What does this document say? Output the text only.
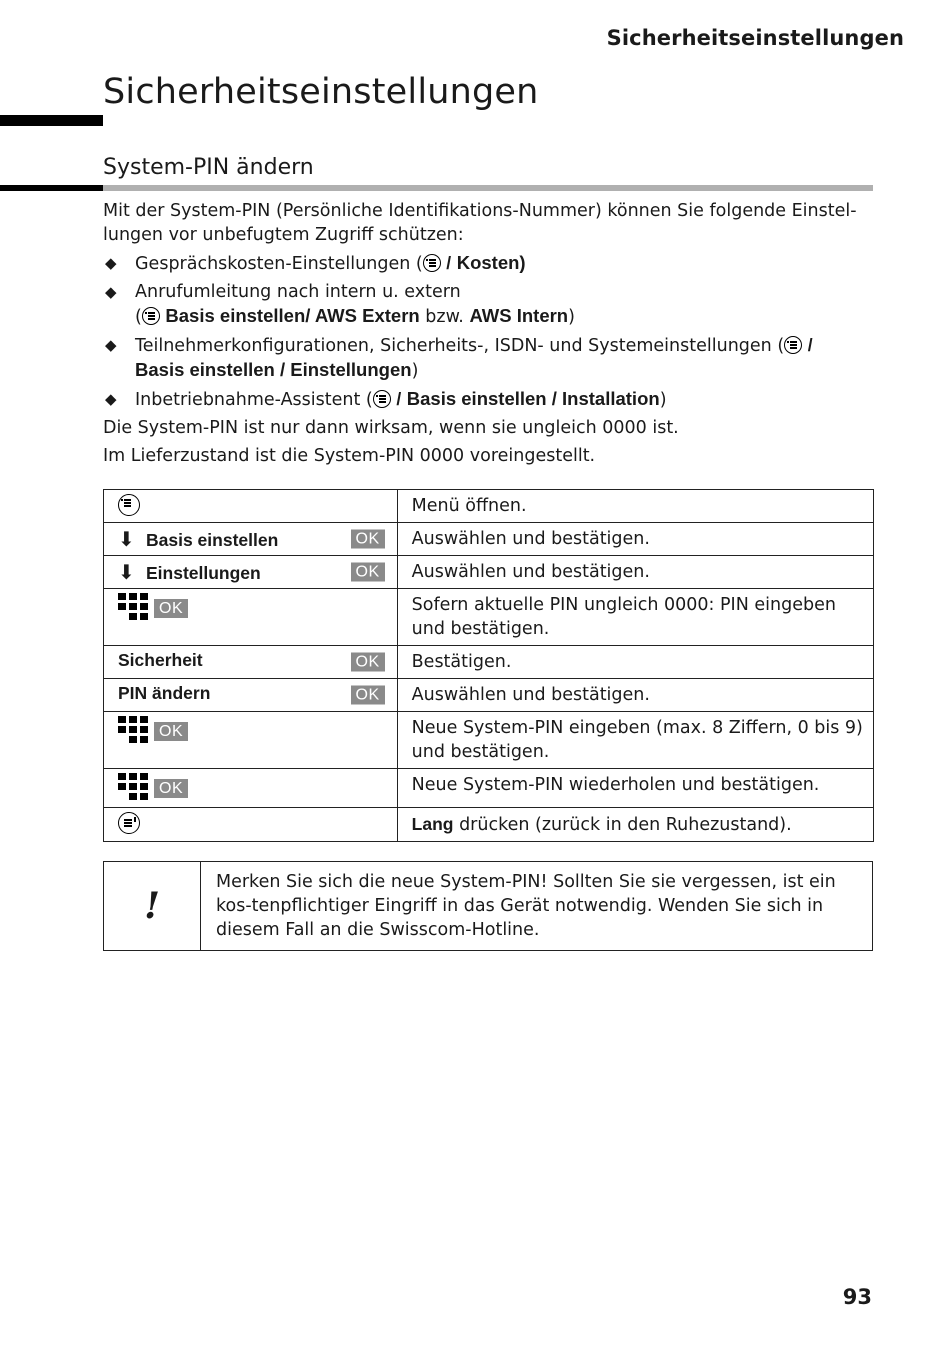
Sicherheitseinstellungen
Sicherheitseinstellungen
System-PIN ändern

Mit der System-PIN (Persönliche Identifikations-Nummer) können Sie folgende Einstel-lungen vor unbefugtem Zugriff schützen:

◆ Gesprächskosten-Einstellungen ( / Kosten)
◆ Anrufumleitung nach intern u. extern
( Basis einstellen/ AWS Extern bzw. AWS Intern)
◆ Teilnehmerkonfigurationen, Sicherheits-, ISDN- und Systemeinstellungen ( /
Basis einstellen / Einstellungen)
◆ Inbetriebnahme-Assistent ( / Basis einstellen / Installation)

Die System-PIN ist nur dann wirksam, wenn sie ungleich 0000 ist.

Im Lieferzustand ist die System-PIN 0000 voreingestellt.

	Menü öffnen.
⬇ Basis einstellen OK	Auswählen und bestätigen.
⬇ Einstellungen OK	Auswählen und bestätigen.

OK	Sofern aktuelle PIN ungleich 0000: PIN eingeben und bestätigen.
Sicherheit OK	Bestätigen.
PIN ändern OK	Auswählen und bestätigen.

OK	Neue System-PIN eingeben (max. 8 Ziffern, 0 bis 9) und bestätigen.

OK	Neue System-PIN wiederholen und bestätigen.
	Lang drücken (zurück in den Ruhezustand).
!
Merken Sie sich die neue System-PIN! Sollten Sie sie vergessen, ist ein kos-tenpflichtiger Eingriff in das Gerät notwendig. Wenden Sie sich in diesem Fall an die Swisscom-Hotline.
93
